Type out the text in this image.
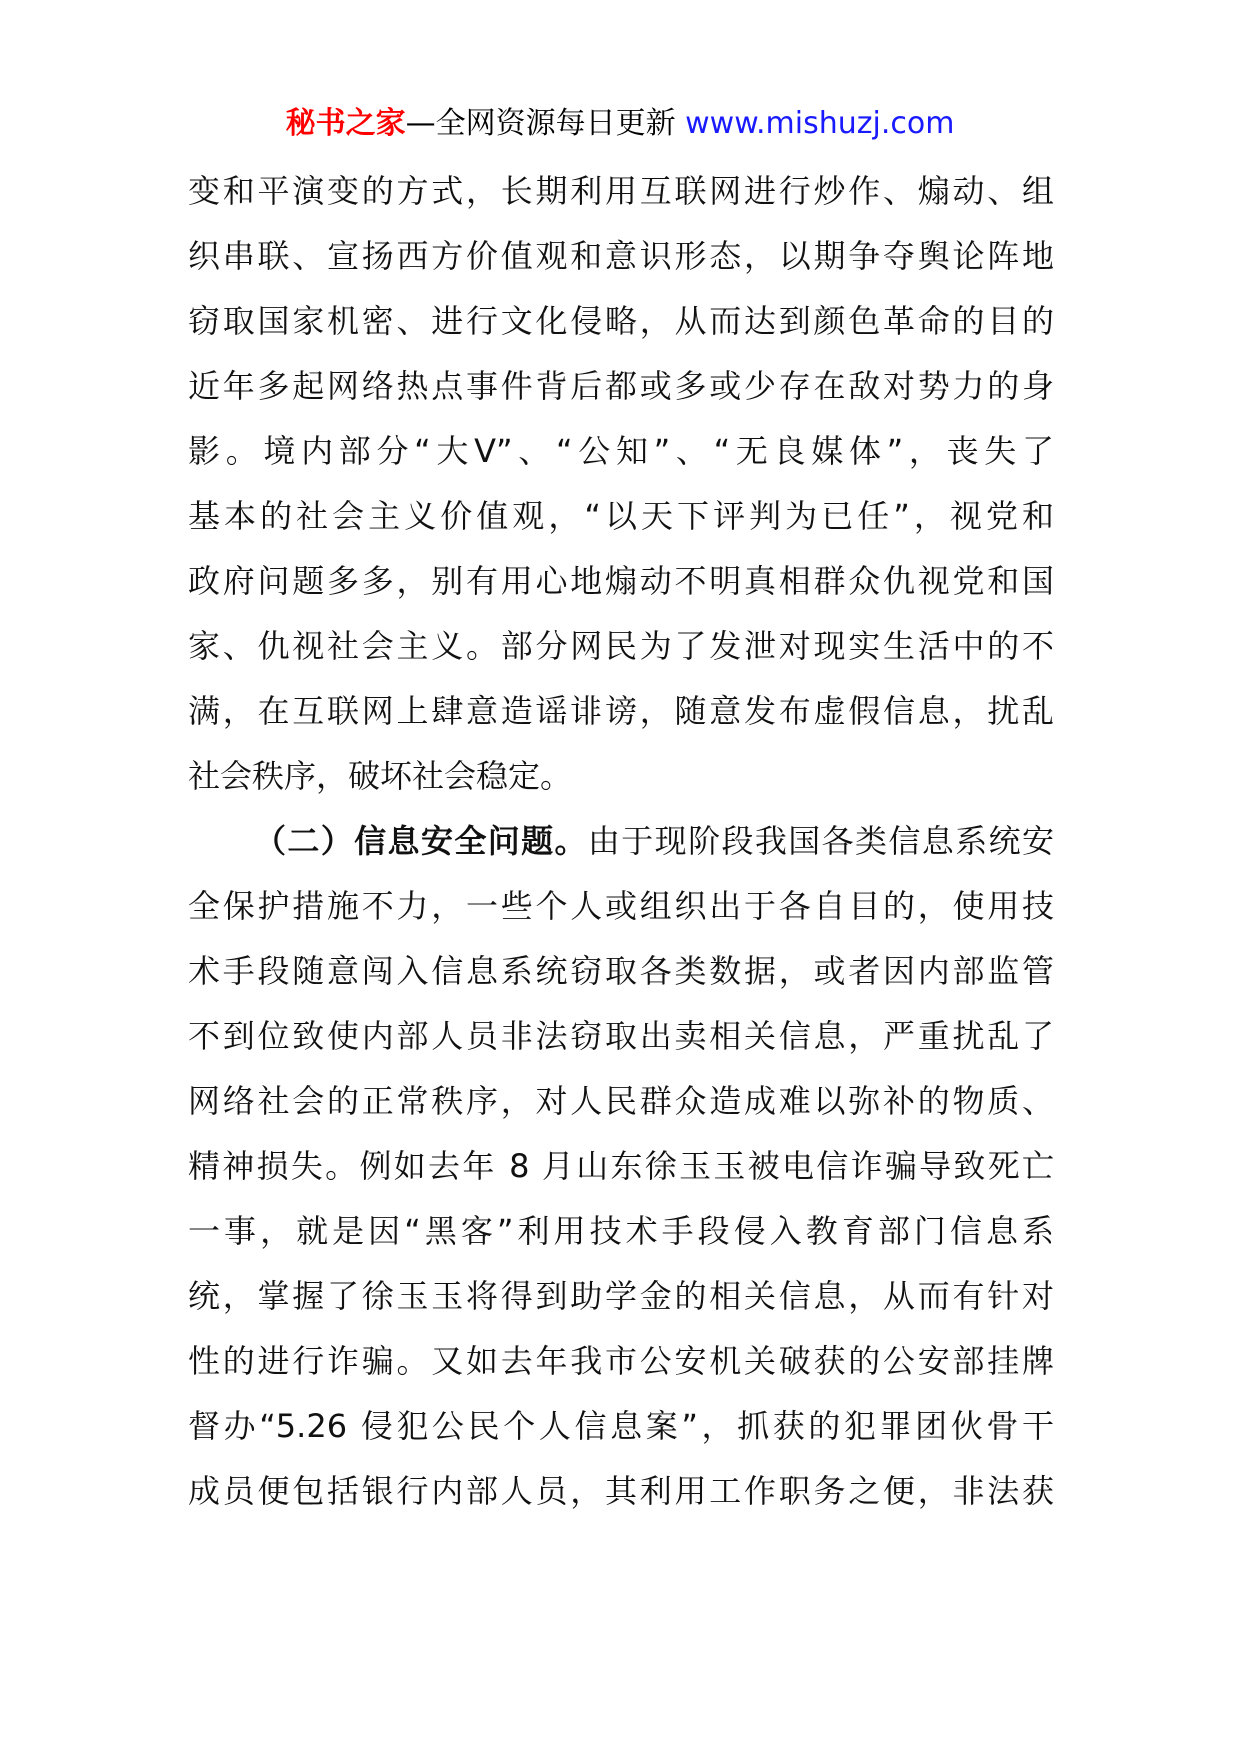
秘书之家—全网资源每日更新 www.mishuzj.com
变和平演变的方式，长期利用互联网进行炒作、煽动、组
织串联、宣扬西方价值观和意识形态，以期争夺舆论阵地
窃取国家机密、进行文化侵略，从而达到颜色革命的目的
近年多起网络热点事件背后都或多或少存在敌对势力的身
影。境内部分“大V”、“公知”、“无良媒体”，丧失了
基本的社会主义价值观，“以天下评判为已任”，视党和
政府问题多多，别有用心地煽动不明真相群众仇视党和国
家、仇视社会主义。部分网民为了发泄对现实生活中的不
满，在互联网上肆意造谣诽谤，随意发布虚假信息，扰乱
社会秩序，破坏社会稳定。
（二）信息安全问题。由于现阶段我国各类信息系统安
全保护措施不力，一些个人或组织出于各自目的，使用技
术手段随意闯入信息系统窃取各类数据，或者因内部监管
不到位致使内部人员非法窃取出卖相关信息，严重扰乱了
网络社会的正常秩序，对人民群众造成难以弥补的物质、
精神损失。例如去年 8 月山东徐玉玉被电信诈骗导致死亡
一事，就是因“黑客”利用技术手段侵入教育部门信息系
统，掌握了徐玉玉将得到助学金的相关信息，从而有针对
性的进行诈骗。又如去年我市公安机关破获的公安部挂牌
督办“5.26 侵犯公民个人信息案”，抓获的犯罪团伙骨干
成员便包括银行内部人员，其利用工作职务之便，非法获
